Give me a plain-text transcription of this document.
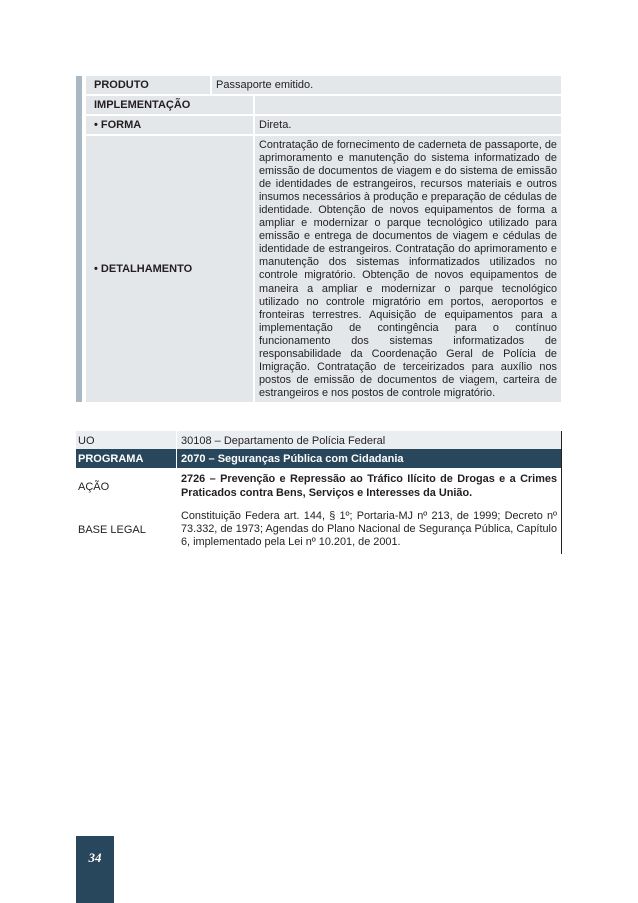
		PRODUTO		Passaporte emitido.		

		IMPLEMENTAÇÃO				

		• FORMA				Direta.

		• DETALHAMENTO				Contratação de fornecimento de caderneta de passaporte, de aprimoramento e manutenção do sistema informatizado de emissão de documentos de viagem e do sistema de emissão de identidades de estrangeiros, recursos materiais e outros insumos necessários à produção e preparação de cédulas de identidade. Obtenção de novos equipamentos de forma a ampliar e modernizar o parque tecnológico utilizado para emissão e entrega de documentos de viagem e cédulas de identidade de estrangeiros. Contratação do aprimoramento e manutenção dos sistemas informatizados utilizados no controle migratório. Obtenção de novos equipamentos de maneira a ampliar e modernizar o parque tecnológico utilizado no controle migratório em portos, aeroportos e fronteiras terrestres. Aquisição de equipamentos para a implementação de contingência para o contínuo funcionamento dos sistemas informatizados de responsabilidade da Coordenação Geral de Polícia de Imigração. Contratação de terceirizados para auxílio nos postos de emissão de documentos de viagem, carteira de estrangeiros e nos postos de controle migratório.
UO		30108 – Departamento de Polícia Federal	
PROGRAMA		2070 – Seguranças Pública com Cidadania	
AÇÃO		2726 – Prevenção e Repressão ao Tráfico Ilícito de Drogas e a Crimes Praticados contra Bens, Serviços e Interesses da União.	
BASE LEGAL		Constituição Federa art. 144, § 1º; Portaria-MJ nº 213, de 1999; Decreto nº 73.332, de 1973; Agendas do Plano Nacional de Segurança Pública, Capítulo 6, implementado pela Lei nº 10.201, de 2001.	
34
